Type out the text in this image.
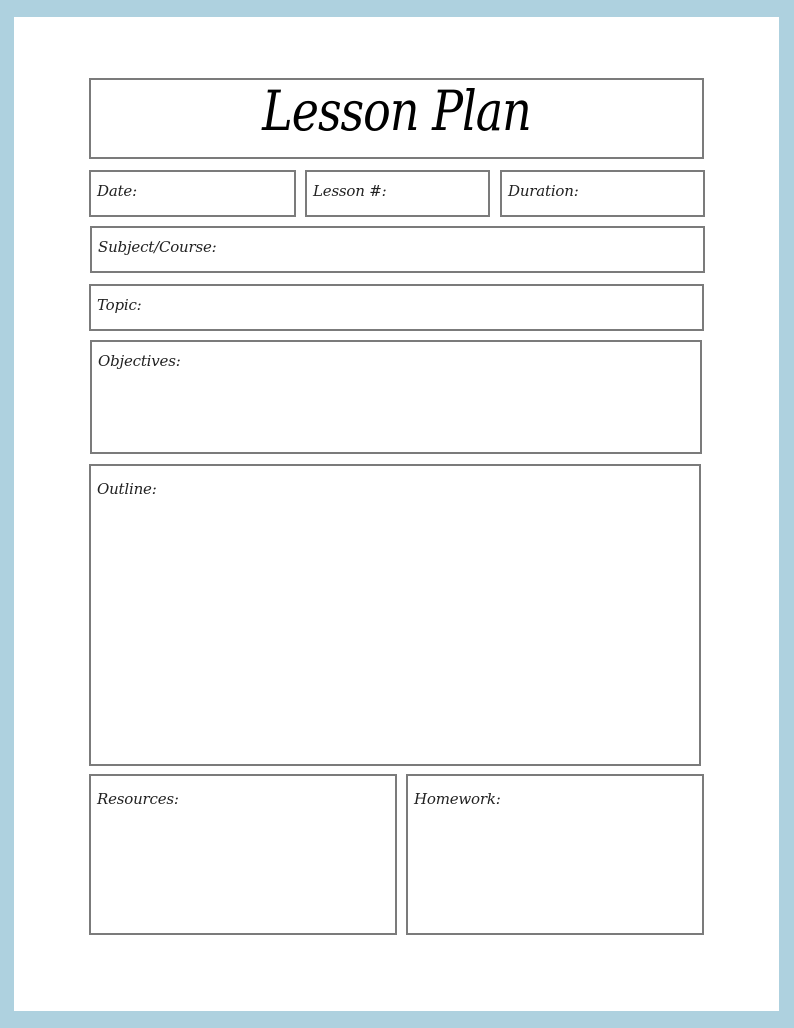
Lesson Plan
Date:	Lesson #:	Duration:
Subject/Course:
Topic:
Objectives:
Outline:
Resources:	Homework:
